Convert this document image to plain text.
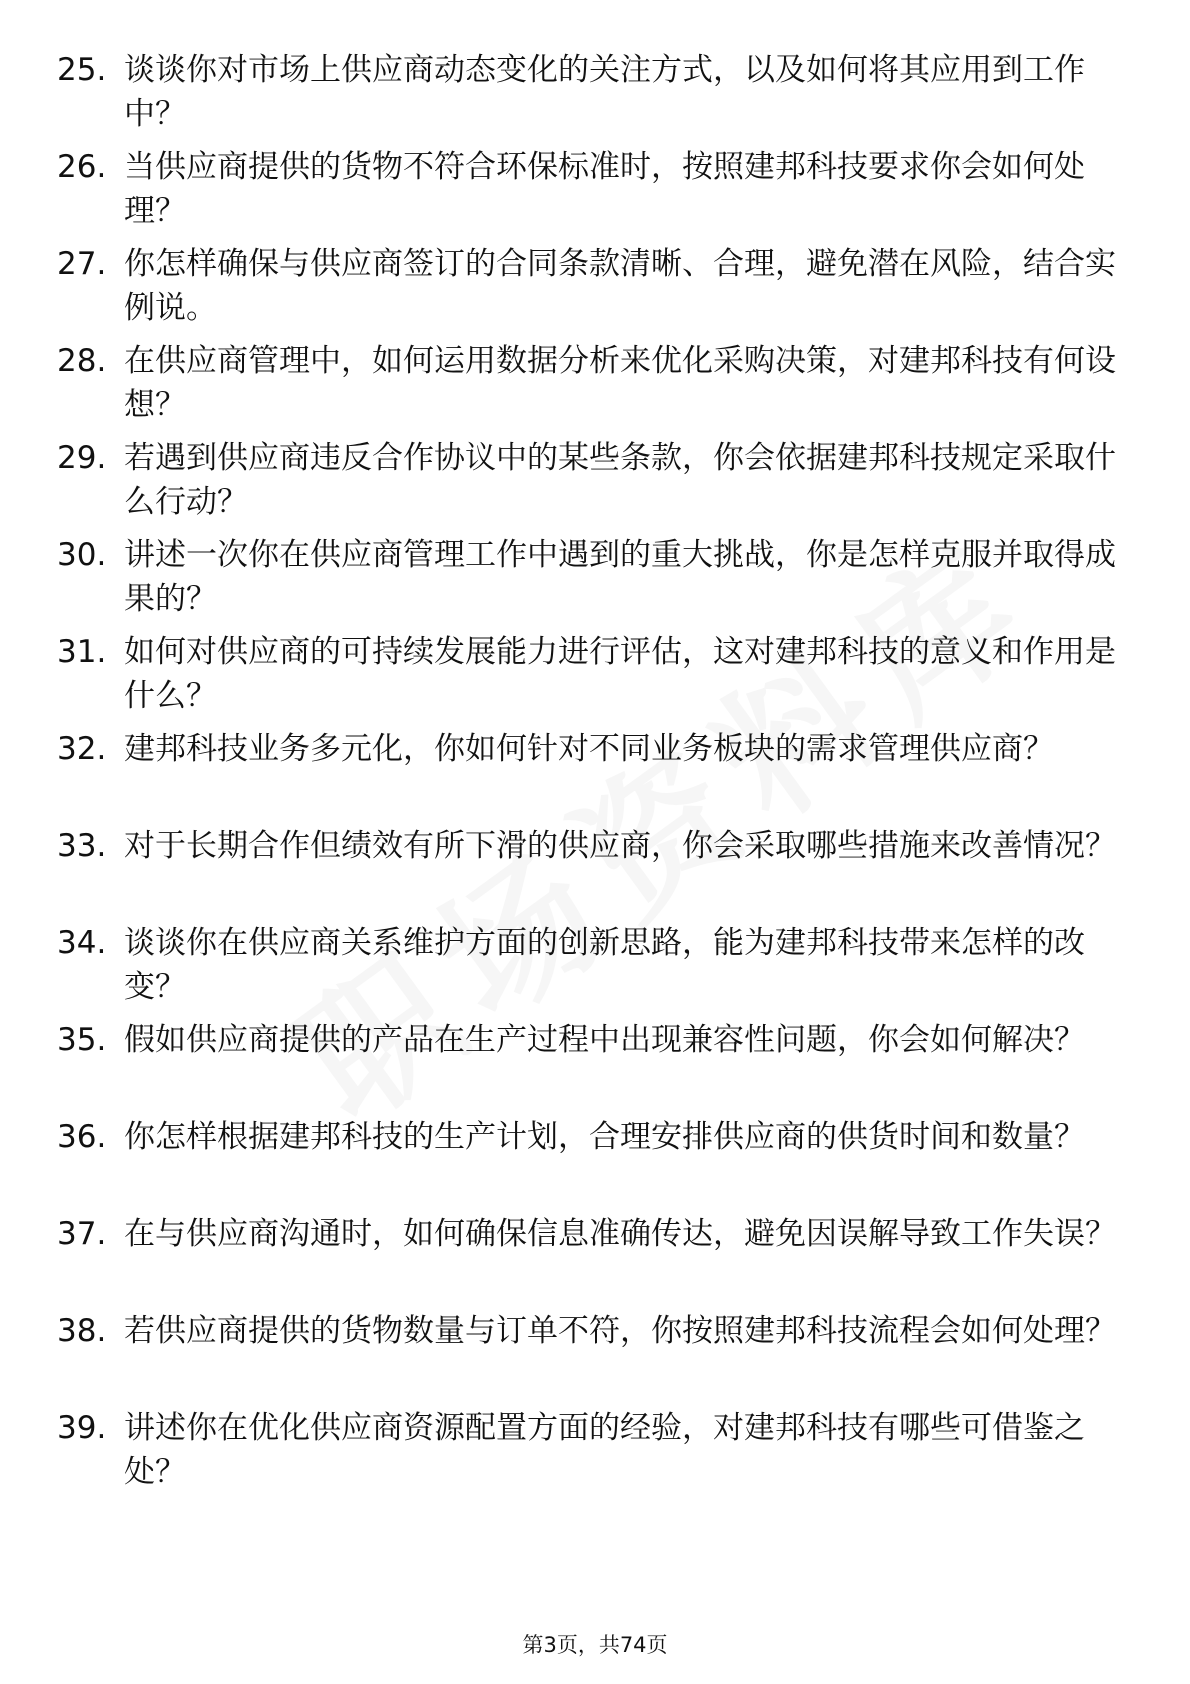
25. 谈谈你对市场上供应商动态变化的关注方式，以及如何将其应用到工作中？
26. 当供应商提供的货物不符合环保标准时，按照建邦科技要求你会如何处理？
27. 你怎样确保与供应商签订的合同条款清晰、合理，避免潜在风险，结合实例说。
28. 在供应商管理中，如何运用数据分析来优化采购决策，对建邦科技有何设想？
29. 若遇到供应商违反合作协议中的某些条款，你会依据建邦科技规定采取什么行动？
30. 讲述一次你在供应商管理工作中遇到的重大挑战，你是怎样克服并取得成果的？
31. 如何对供应商的可持续发展能力进行评估，这对建邦科技的意义和作用是什么？
32. 建邦科技业务多元化，你如何针对不同业务板块的需求管理供应商？
33. 对于长期合作但绩效有所下滑的供应商，你会采取哪些措施来改善情况？
34. 谈谈你在供应商关系维护方面的创新思路，能为建邦科技带来怎样的改变？
35. 假如供应商提供的产品在生产过程中出现兼容性问题，你会如何解决？
36. 你怎样根据建邦科技的生产计划，合理安排供应商的供货时间和数量？
37. 在与供应商沟通时，如何确保信息准确传达，避免因误解导致工作失误？
38. 若供应商提供的货物数量与订单不符，你按照建邦科技流程会如何处理？
39. 讲述你在优化供应商资源配置方面的经验，对建邦科技有哪些可借鉴之处？
第3页，共74页
